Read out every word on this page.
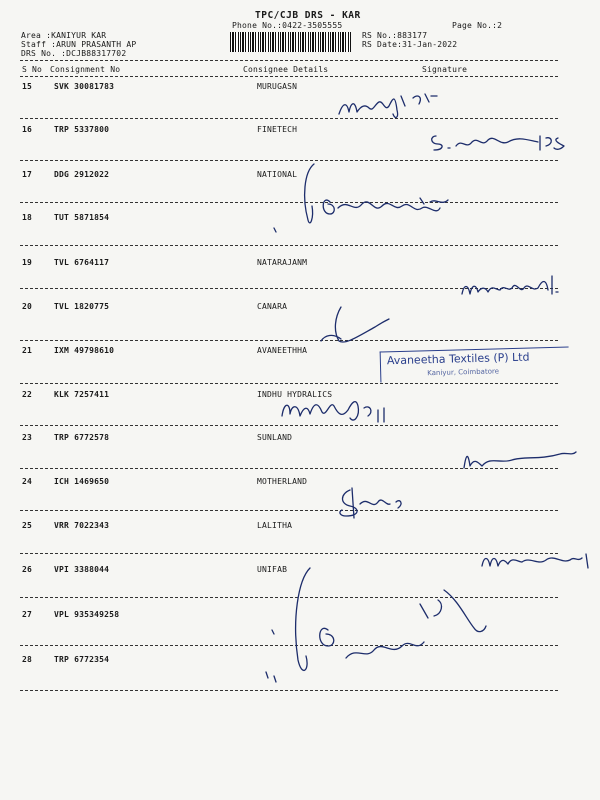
TPC/CJB DRS - KAR
Phone No.:0422-3505555	Page No.:2
Area :KANIYUR KAR
Staff :ARUN PRASANTH AP
DRS No. :DCJB88317702
RS No.:883177
RS Date:31-Jan-2022
S No Consignment No	Consignee Details	Signature
15	SVK 30081783	MURUGASN
16	TRP 5337800	FINETECH
17	DDG 2912022	NATIONAL
18	TUT 5871854
19	TVL 6764117	NATARAJANM
20	TVL 1820775	CANARA
21	IXM 49798610	AVANEETHHA
22	KLK 7257411	INDHU HYDRALICS
23	TRP 6772578	SUNLAND
24	ICH 1469650	MOTHERLAND
25	VRR 7022343	LALITHA
26	VPI 3388044	UNIFAB
27	VPL 935349258
28	TRP 6772354
Avaneetha Textiles (P) Ltd
Kaniyur, Coimbatore
